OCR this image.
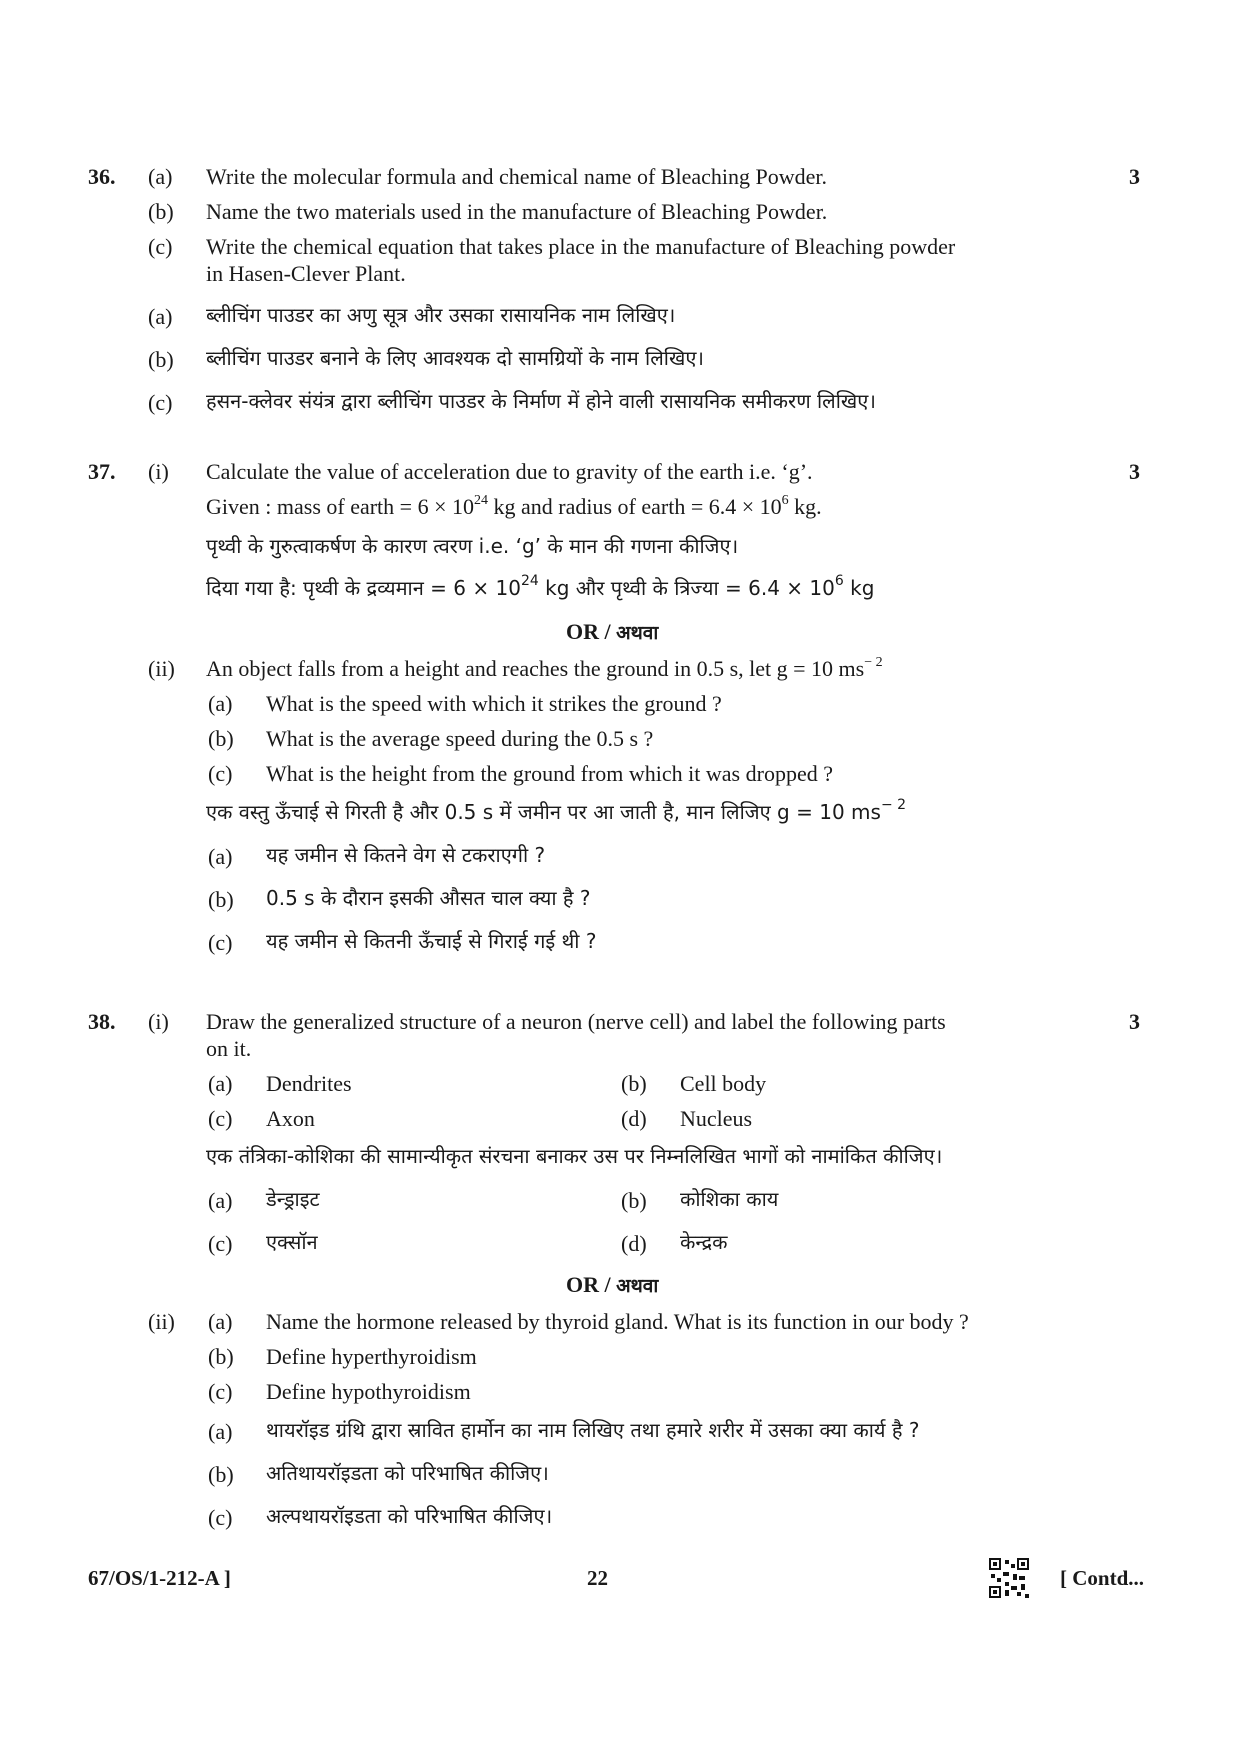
36.	3
(a) Write the molecular formula and chemical name of Bleaching Powder.
(b) Name the two materials used in the manufacture of Bleaching Powder.
(c) Write the chemical equation that takes place in the manufacture of Bleaching powder
in Hasen-Clever Plant.
(a) ब्लीचिंग पाउडर का अणु सूत्र और उसका रासायनिक नाम लिखिए।
(b) ब्लीचिंग पाउडर बनाने के लिए आवश्यक दो सामग्रियों के नाम लिखिए।
(c) हसन-क्लेवर संयंत्र द्वारा ब्लीचिंग पाउडर के निर्माण में होने वाली रासायनिक समीकरण लिखिए।
37.	3
(i) Calculate the value of acceleration due to gravity of the earth i.e. ‘g’.
Given : mass of earth = $6 \times 10^{24}$ kg and radius of earth = $6.4 \times 10^6$ kg.
पृथ्वी के गुरुत्वाकर्षण के कारण त्वरण i.e. ‘g’ के मान की गणना कीजिए।
दिया गया है: पृथ्वी के द्रव्यमान = $6 \times 10^{24}$ kg और पृथ्वी के त्रिज्या = $6.4 \times 10^6$ kg
OR / अथवा
(ii) An object falls from a height and reaches the ground in 0.5 s, let g = 10 $ms^{- 2}$
(a) What is the speed with which it strikes the ground ?
(b) What is the average speed during the 0.5 s ?
(c) What is the height from the ground from which it was dropped ?
एक वस्तु ऊँचाई से गिरती है और 0.5 s में जमीन पर आ जाती है, मान लिजिए g = 10 $ms^{- 2}$
(a) यह जमीन से कितने वेग से टकराएगी ?
(b) 0.5 s के दौरान इसकी औसत चाल क्या है ?
(c) यह जमीन से कितनी ऊँचाई से गिराई गई थी ?
38.	3
(i) Draw the generalized structure of a neuron (nerve cell) and label the following parts
on it.
(a) Dendrites	(b) Cell body
(c) Axon	(d) Nucleus
एक तंत्रिका-कोशिका की सामान्यीकृत संरचना बनाकर उस पर निम्नलिखित भागों को नामांकित कीजिए।
(a) डेन्ड्राइट	(b) कोशिका काय
(c) एक्सॉन	(d) केन्द्रक
OR / अथवा
(ii) (a) Name the hormone released by thyroid gland. What is its function in our body ?
(b) Define hyperthyroidism
(c) Define hypothyroidism
(a) थायरॉइड ग्रंथि द्वारा स्रावित हार्मोन का नाम लिखिए तथा हमारे शरीर में उसका क्या कार्य है ?
(b) अतिथायरॉइडता को परिभाषित कीजिए।
(c) अल्पथायरॉइडता को परिभाषित कीजिए।
67/OS/1-212-A ]	22	[ Contd...
